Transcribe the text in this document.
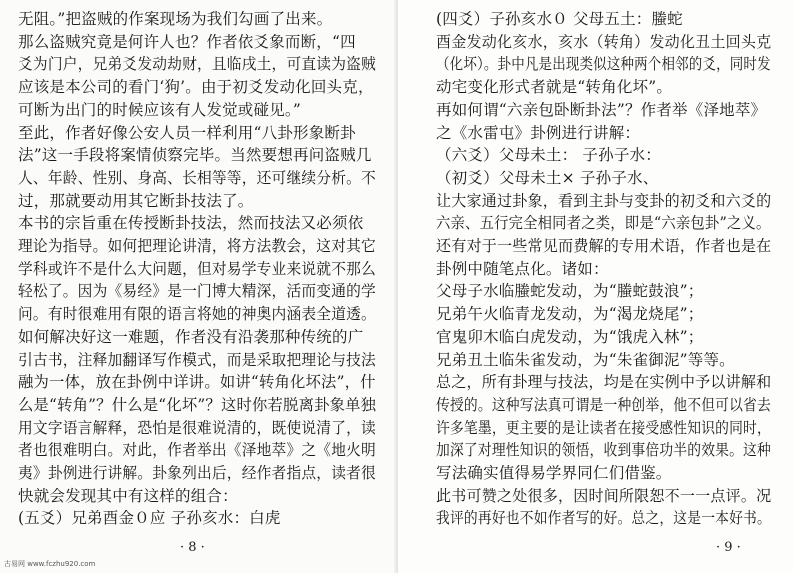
无阻。”把盗贼的作案现场为我们勾画了出来。
那么盗贼究竟是何许人也？作者依爻象而断，“四
爻为门户，兄弟爻发动劫财，且临戌土，可直读为盗贼
应该是本公司的看门‘狗’。由于初爻发动化回头克，
可断为出门的时候应该有人发觉或碰见。”
至此，作者好像公安人员一样利用“八卦形象断卦
法”这一手段将案情侦察完毕。当然要想再问盗贼几
人、年龄、性别、身高、长相等等，还可继续分析。不
过，那就要动用其它断卦技法了。
本书的宗旨重在传授断卦技法，然而技法又必须依
理论为指导。如何把理论讲清，将方法教会，这对其它
学科或许不是什么大问题，但对易学专业来说就不那么
轻松了。因为《易经》是一门博大精深，活而变通的学
问。有时很难用有限的语言将她的神奥内涵表全道透。
如何解决好这一难题，作者没有沿袭那种传统的广
引古书，注释加翻译写作模式，而是采取把理论与技法
融为一体，放在卦例中详讲。如讲“转角化坏法”，什
么是“转角”？什么是“化坏”？这时你若脱离卦象单独
用文字语言解释，恐怕是很难说清的，既使说清了，读
者也很难明白。对此，作者举出《泽地萃》之《地火明
夷》卦例进行讲解。卦象列出后，经作者指点，读者很
快就会发现其中有这样的组合：
(五爻）兄弟酉金０应 子孙亥水：白虎
· 8 ·
古易网 www.fczhu920.com
(四爻）子孙亥水０ 父母五土：螣蛇
酉金发动化亥水，亥水（转角）发动化丑土回头克
（化坏）。卦中凡是出现类似这种两个相邻的爻，同时发
动宅变化形式者就是“转角化坏”。
再如何谓“六亲包卧断卦法”？作者举《泽地萃》
之《水雷屯》卦例进行讲解：
（六爻）父母未土： 子孙子水：
（初爻）父母未土× 子孙子水、
让大家通过卦象，看到主卦与变卦的初爻和六爻的
六亲、五行完全相同者之类，即是“六亲包卦”之义。
还有对于一些常见而费解的专用术语，作者也是在
卦例中随笔点化。诸如：
父母子水临螣蛇发动，为“螣蛇鼓浪”；
兄弟午火临青龙发动，为“渴龙烧尾”；
官鬼卯木临白虎发动，为“饿虎入林”；
兄弟丑土临朱雀发动，为“朱雀御泥”等等。
总之，所有卦理与技法，均是在实例中予以讲解和
传授的。这种写法真可谓是一种创举，他不但可以省去
许多笔墨，更主要的是让读者在接受感性知识的同时，
加深了对理性知识的领悟，收到事倍功半的效果。这种
写法确实值得易学界同仁们借鉴。
此书可赞之处很多，因时间所限恕不一一点评。况
我评的再好也不如作者写的好。总之，这是一本好书。
· 9 ·
